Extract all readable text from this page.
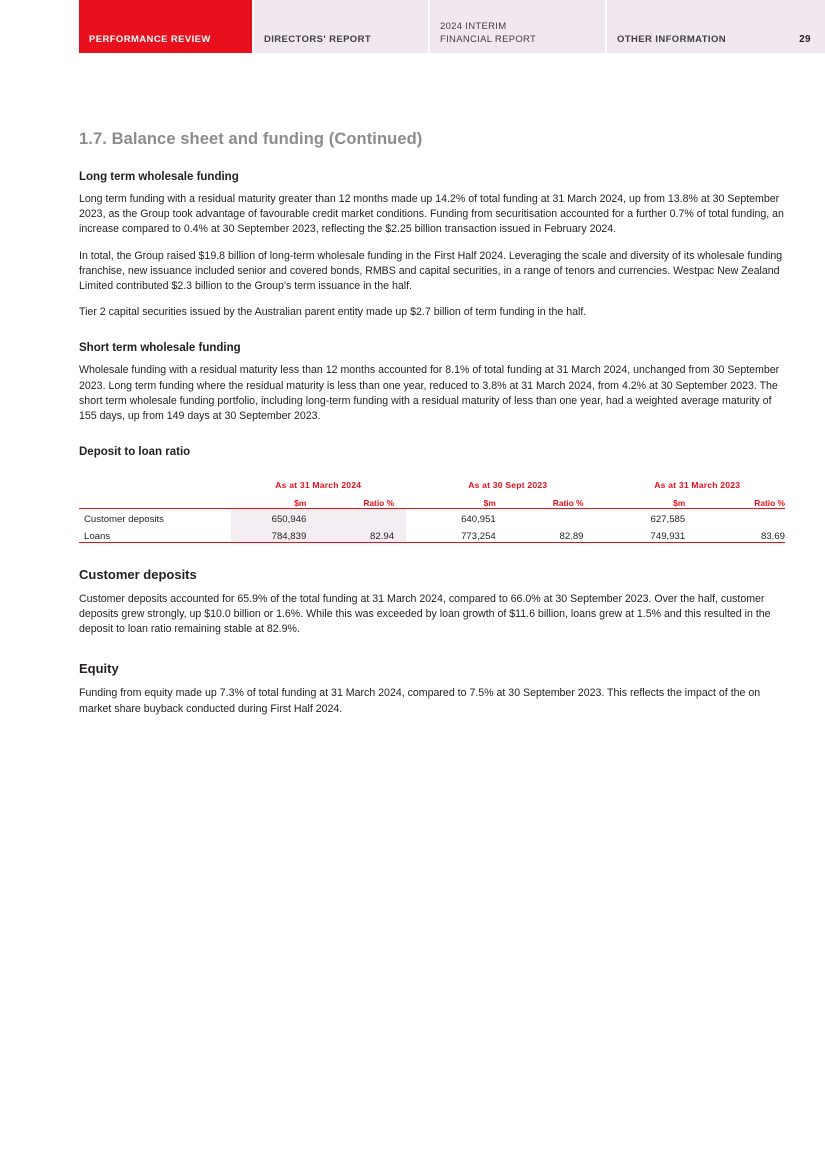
PERFORMANCE REVIEW	DIRECTORS' REPORT
2024 INTERIM
FINANCIAL REPORT	OTHER INFORMATION	29
1.7. Balance sheet and funding (Continued)
Long term wholesale funding

Long term funding with a residual maturity greater than 12 months made up 14.2% of total funding at 31 March 2024, up from 13.8% at 30 September 2023, as the Group took advantage of favourable credit market conditions. Funding from securitisation accounted for a further 0.7% of total funding, an increase compared to 0.4% at 30 September 2023, reflecting the $2.25 billion transaction issued in February 2024.

In total, the Group raised $19.8 billion of long-term wholesale funding in the First Half 2024. Leveraging the scale and diversity of its wholesale funding franchise, new issuance included senior and covered bonds, RMBS and capital securities, in a range of tenors and currencies. Westpac New Zealand Limited contributed $2.3 billion to the Group's term issuance in the half.

Tier 2 capital securities issued by the Australian parent entity made up $2.7 billion of term funding in the half.

Short term wholesale funding

Wholesale funding with a residual maturity less than 12 months accounted for 8.1% of total funding at 31 March 2024, unchanged from 30 September 2023. Long term funding where the residual maturity is less than one year, reduced to 3.8% at 31 March 2024, from 4.2% at 30 September 2023. The short term wholesale funding portfolio, including long-term funding with a residual maturity of less than one year, had a weighted average maturity of 155 days, up from 149 days at 30 September 2023.

Deposit to loan ratio
	As at 31 March 2024			As at 30 Sept 2023			As at 31 March 2023	
	$m	Ratio %		$m	Ratio %		$m	Ratio %
Customer deposits	650,946			640,951			627,585	
Loans	784,839	82.94		773,254	82.89		749,931	83.69
Customer deposits

Customer deposits accounted for 65.9% of the total funding at 31 March 2024, compared to 66.0% at 30 September 2023. Over the half, customer deposits grew strongly, up $10.0 billion or 1.6%. While this was exceeded by loan growth of $11.6 billion, loans grew at 1.5% and this resulted in the deposit to loan ratio remaining stable at 82.9%.

Equity

Funding from equity made up 7.3% of total funding at 31 March 2024, compared to 7.5% at 30 September 2023. This reflects the impact of the on market share buyback conducted during First Half 2024.
